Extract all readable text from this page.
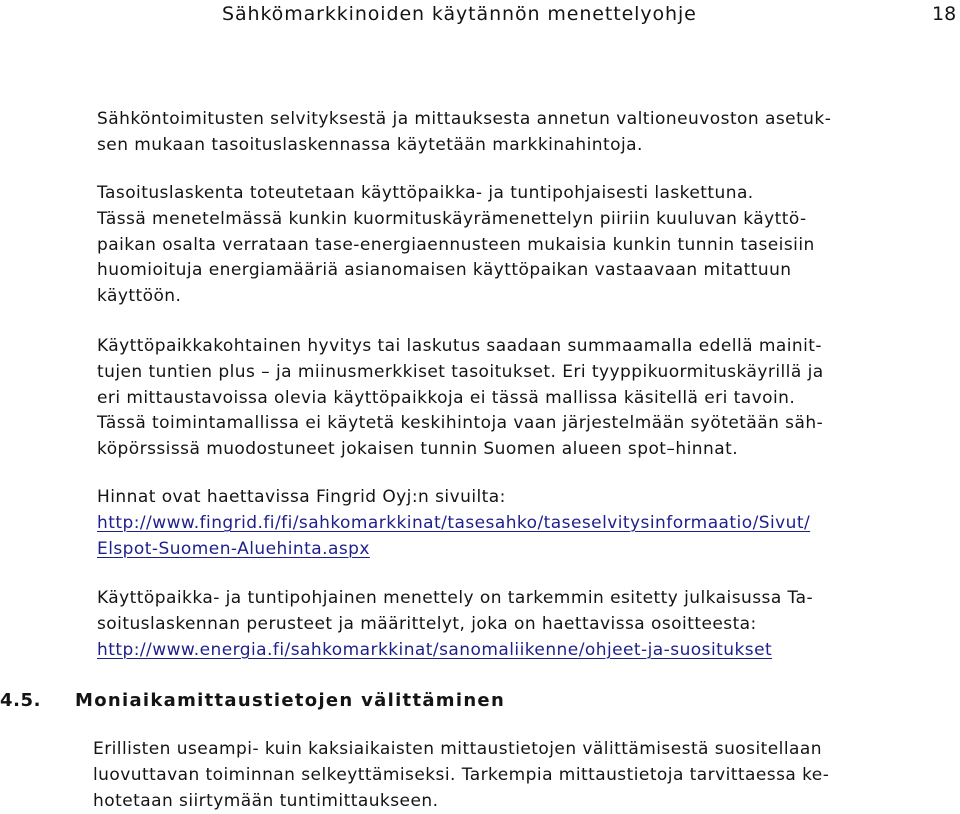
Sähkömarkkinoiden käytännön menettelyohje	18
Sähköntoimitusten selvityksestä ja mittauksesta annetun valtioneuvoston asetuk-
sen mukaan tasoituslaskennassa käytetään markkinahintoja.
Tasoituslaskenta toteutetaan käyttöpaikka- ja tuntipohjaisesti laskettuna.
Tässä menetelmässä kunkin kuormituskäyrämenettelyn piiriin kuuluvan käyttö-
paikan osalta verrataan tase-energiaennusteen mukaisia kunkin tunnin taseisiin
huomioituja energiamääriä asianomaisen käyttöpaikan vastaavaan mitattuun
käyttöön.
Käyttöpaikkakohtainen hyvitys tai laskutus saadaan summaamalla edellä mainit-
tujen tuntien plus – ja miinusmerkkiset tasoitukset. Eri tyyppikuormituskäyrillä ja
eri mittaustavoissa olevia käyttöpaikkoja ei tässä mallissa käsitellä eri tavoin.
Tässä toimintamallissa ei käytetä keskihintoja vaan järjestelmään syötetään säh-
köpörssissä muodostuneet jokaisen tunnin Suomen alueen spot–hinnat.
Hinnat ovat haettavissa Fingrid Oyj:n sivuilta:
http://www.fingrid.fi/fi/sahkomarkkinat/tasesahko/taseselvitysinformaatio/Sivut/
Elspot-Suomen-Aluehinta.aspx
Käyttöpaikka- ja tuntipohjainen menettely on tarkemmin esitetty julkaisussa Ta-
soituslaskennan perusteet ja määrittelyt, joka on haettavissa osoitteesta:
http://www.energia.fi/sahkomarkkinat/sanomaliikenne/ohjeet-ja-suositukset

4.5.

Moniaikamittaustietojen välittäminen

Erillisten useampi- kuin kaksiaikaisten mittaustietojen välittämisestä suositellaan
luovuttavan toiminnan selkeyttämiseksi. Tarkempia mittaustietoja tarvittaessa ke-
hotetaan siirtymään tuntimittaukseen.
